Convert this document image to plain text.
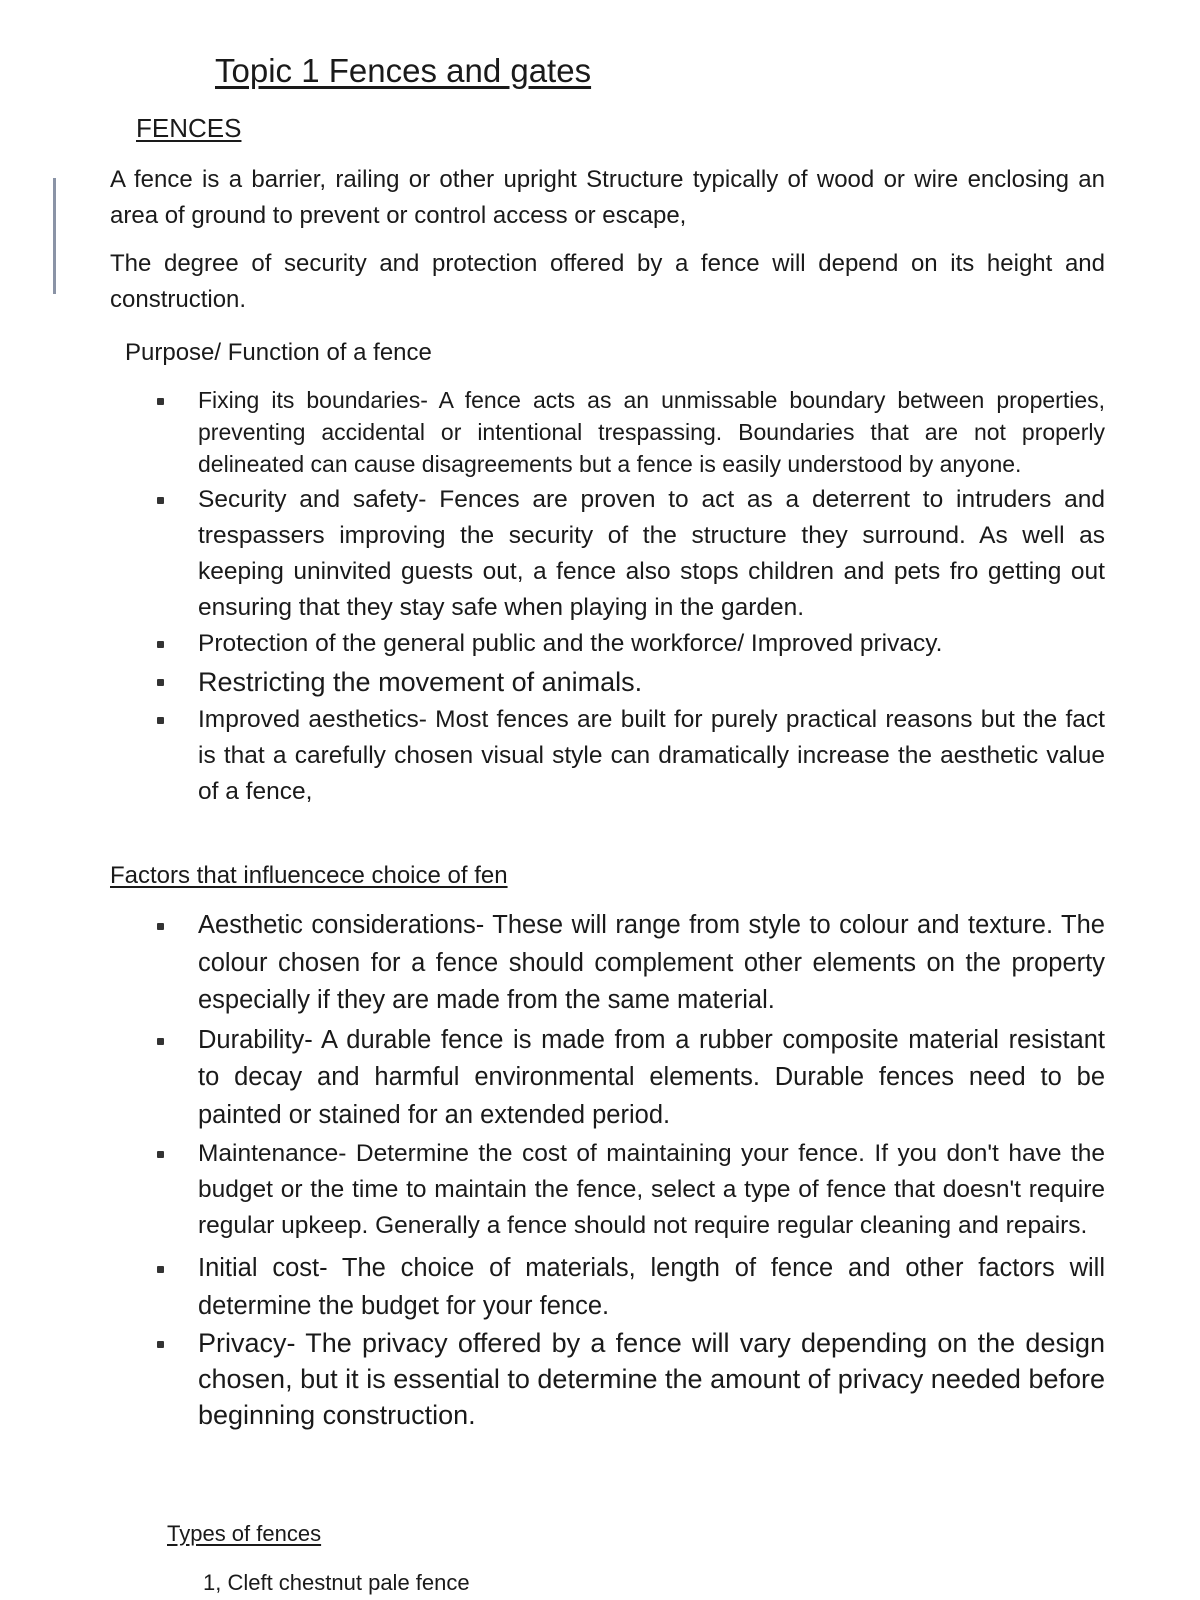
Topic 1 Fences and gates
FENCES
A fence is a barrier, railing or other upright Structure typically of wood or wire enclosing an area of ground to prevent or control access or escape,
The degree of security and protection offered by a fence will depend on its height and construction.
Purpose/ Function of a fence
Fixing its boundaries- A fence acts as an unmissable boundary between properties, preventing accidental or intentional trespassing. Boundaries that are not properly delineated can cause disagreements but a fence is easily understood by anyone.
Security and safety- Fences are proven to act as a deterrent to intruders and trespassers improving the security of the structure they surround. As well as keeping uninvited guests out, a fence also stops children and pets fro getting out ensuring that they stay safe when playing in the garden.
Protection of the general public and the workforce/ Improved privacy.
Restricting the movement of animals.
Improved aesthetics- Most fences are built for purely practical reasons but the fact is that a carefully chosen visual style can dramatically increase the aesthetic value of a fence,
Factors that influencece choice of fen
Aesthetic considerations- These will range from style to colour and texture. The colour chosen for a fence should complement other elements on the property especially if they are made from the same material.
Durability- A durable fence is made from a rubber composite material resistant to decay and harmful environmental elements. Durable fences need to be painted or stained for an extended period.
Maintenance- Determine the cost of maintaining your fence. If you don't have the budget or the time to maintain the fence, select a type of fence that doesn't require regular upkeep. Generally a fence should not require regular cleaning and repairs.
Initial cost- The choice of materials, length of fence and other factors will determine the budget for your fence.
Privacy- The privacy offered by a fence will vary depending on the design chosen, but it is essential to determine the amount of privacy needed before beginning construction.
Types of fences
1, Cleft chestnut pale fence
